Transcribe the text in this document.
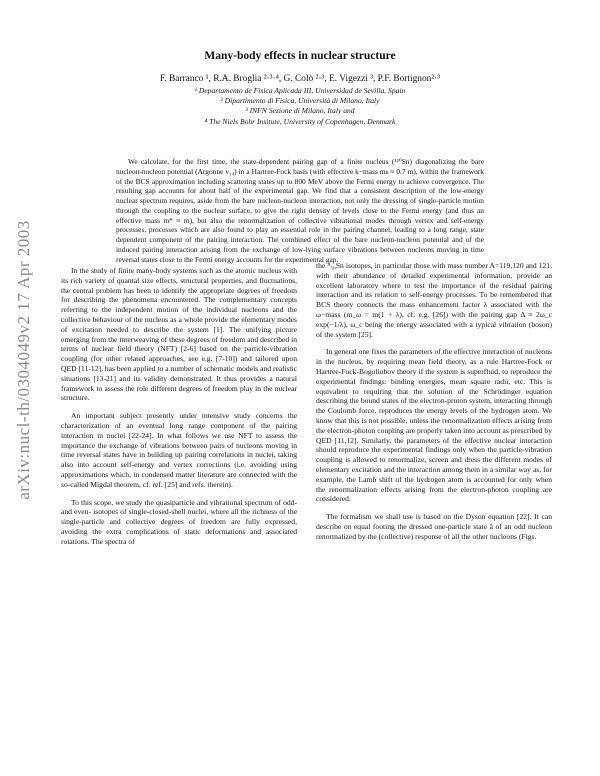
arXiv:nucl-th/0304049v2 17 Apr 2003
Many-body effects in nuclear structure
F. Barranco ¹, R.A. Broglia ²·³·⁴, G. Colò ²·³, E. Vigezzi ³, P.F. Bortignon²·³
¹ Departamento de Fisica Aplicada III, Universidad de Sevilla, Spain
² Dipartimento di Fisica, Università di Milano, Italy
³ INFN Sezione di Milano, Italy and
⁴ The Niels Bohr Insitute, University of Copenhagen, Denmark

We calculate, for the first time, the state-dependent pairing gap of a finite nucleus (¹²⁰Sn) diagonalizing the bare nucleon-nucleon potential (Argonne v₁₄) in a Hartree-Fock basis (with effective k−mass mₖ ≈ 0.7 m), within the framework of the BCS approximation including scattering states up to 800 MeV above the Fermi energy to achieve convergence. The resulting gap accounts for about half of the experimental gap. We find that a consistent description of the low-energy nuclear spectrum requires, aside from the bare nucleon-nucleon interaction, not only the dressing of single-particle motion through the coupling to the nuclear surface, to give the right density of levels close to the Fermi energy (and thus an effective mass m* ≈ m), but also the renormalization of collective vibrational modes through vertex and self-energy processes, processes which are also found to play an essential role in the pairing channel, leading to a long range, state dependent component of the pairing interaction. The combined effect of the bare nucleon-nucleon potential and of the induced pairing interaction arising from the exchange of low-lying surface vibrations between nucleons moving in time reversal states close to the Fermi energy accounts for the experimental gap.

In the study of finite many-body systems such as the atomic nucleus with its rich variety of quantal size effects, structural properties, and fluctuations, the central problem has been to identify the appropriate degrees of freedom for describing the phenomena encountered. The complementary concepts referring to the independent motion of the individual nucleons and the collective behaviour of the nucleus as a whole provide the elementary modes of excitation needed to describe the system [1]. The unifying picture emerging from the interweaving of these degrees of freedom and described in terms of nuclear field theory (NFT) [2-6] based on the particle-vibration coupling (for other related approaches, see e.g. [7-10]) and tailored upon QED [11-12], has been applied to a number of schematic models and realistic situations [13-21] and its validity demonstrated. It thus provides a natural framework to assess the role different degrees of freedom play in the nuclear structure.

An important subject presently under intensive study concerns the characterization of an eventual long range component of the pairing interaction in nuclei [22-24]. In what follows we use NFT to assess the importance the exchange of vibrations between pairs of nucleons moving in time reversal states have in building up pairing correlations in nuclei, taking also into account self-energy and vertex corrections (i.e. avoiding using approximations which, in condensed matter literature are connected with the so-called Migdal theorem, cf. ref. [25] and refs. therein).

To this scope, we study the quasiparticle and vibrational spectrum of odd- and even- isotopes of single-closed-shell nuclei, where all the richness of the single-particle and collective degrees of freedom are fully expressed, avoiding the extra complications of static deformations and associated rotations. The spectra of

the ᴬ₅₀Sn isotopes, in particular those with mass number A=119,120 and 121, with their abundance of detailed experimental information, provide an excellent laboratory where to test the importance of the residual pairing interaction and its relation to self-energy processes. To be remembered that BCS theory connects the mass enhancement factor λ associated with the ω−mass (m_ω = m(1 + λ), cf, e.g. [26]) with the pairing gap Δ ≈ 2ω_c exp(−1/λ), ω_c being the energy associated with a typical vibration (boson) of the system [25].

In general one fixes the parameters of the effective interaction of nucleons in the nucleus, by requiring mean field theory, as a rule Hartree-Fock or Hartree-Fock-Bogoliubov theory if the system is superfluid, to reproduce the experimental findings: binding energies, mean square radii, etc. This is equivalent to requiring that the solution of the Schrödinger equation describing the bound states of the electron-proton system, interacting through the Coulomb force, reproduces the energy levels of the hydrogen atom. We know that this is not possible, unless the renormalization effects arising from the electron-photon coupling are properly taken into account as prescribed by QED [11,12]. Similarly, the parameters of the effective nuclear interaction should reproduce the experimental findings only when the particle-vibration coupling is allowed to renormalize, screen and dress the different modes of elementary excitation and the interaction among them in a similar way as, for example, the Lamb shift of the hydrogen atom is accounted for only when the renormalization effects arising from the electron-photon coupling are considered.

The formalism we shall use is based on the Dyson equation [22]. It can describe on equal footing the dressed one-particle state ã of an odd nucleon renormalized by the (collective) response of all the other nucleons (Figs.
